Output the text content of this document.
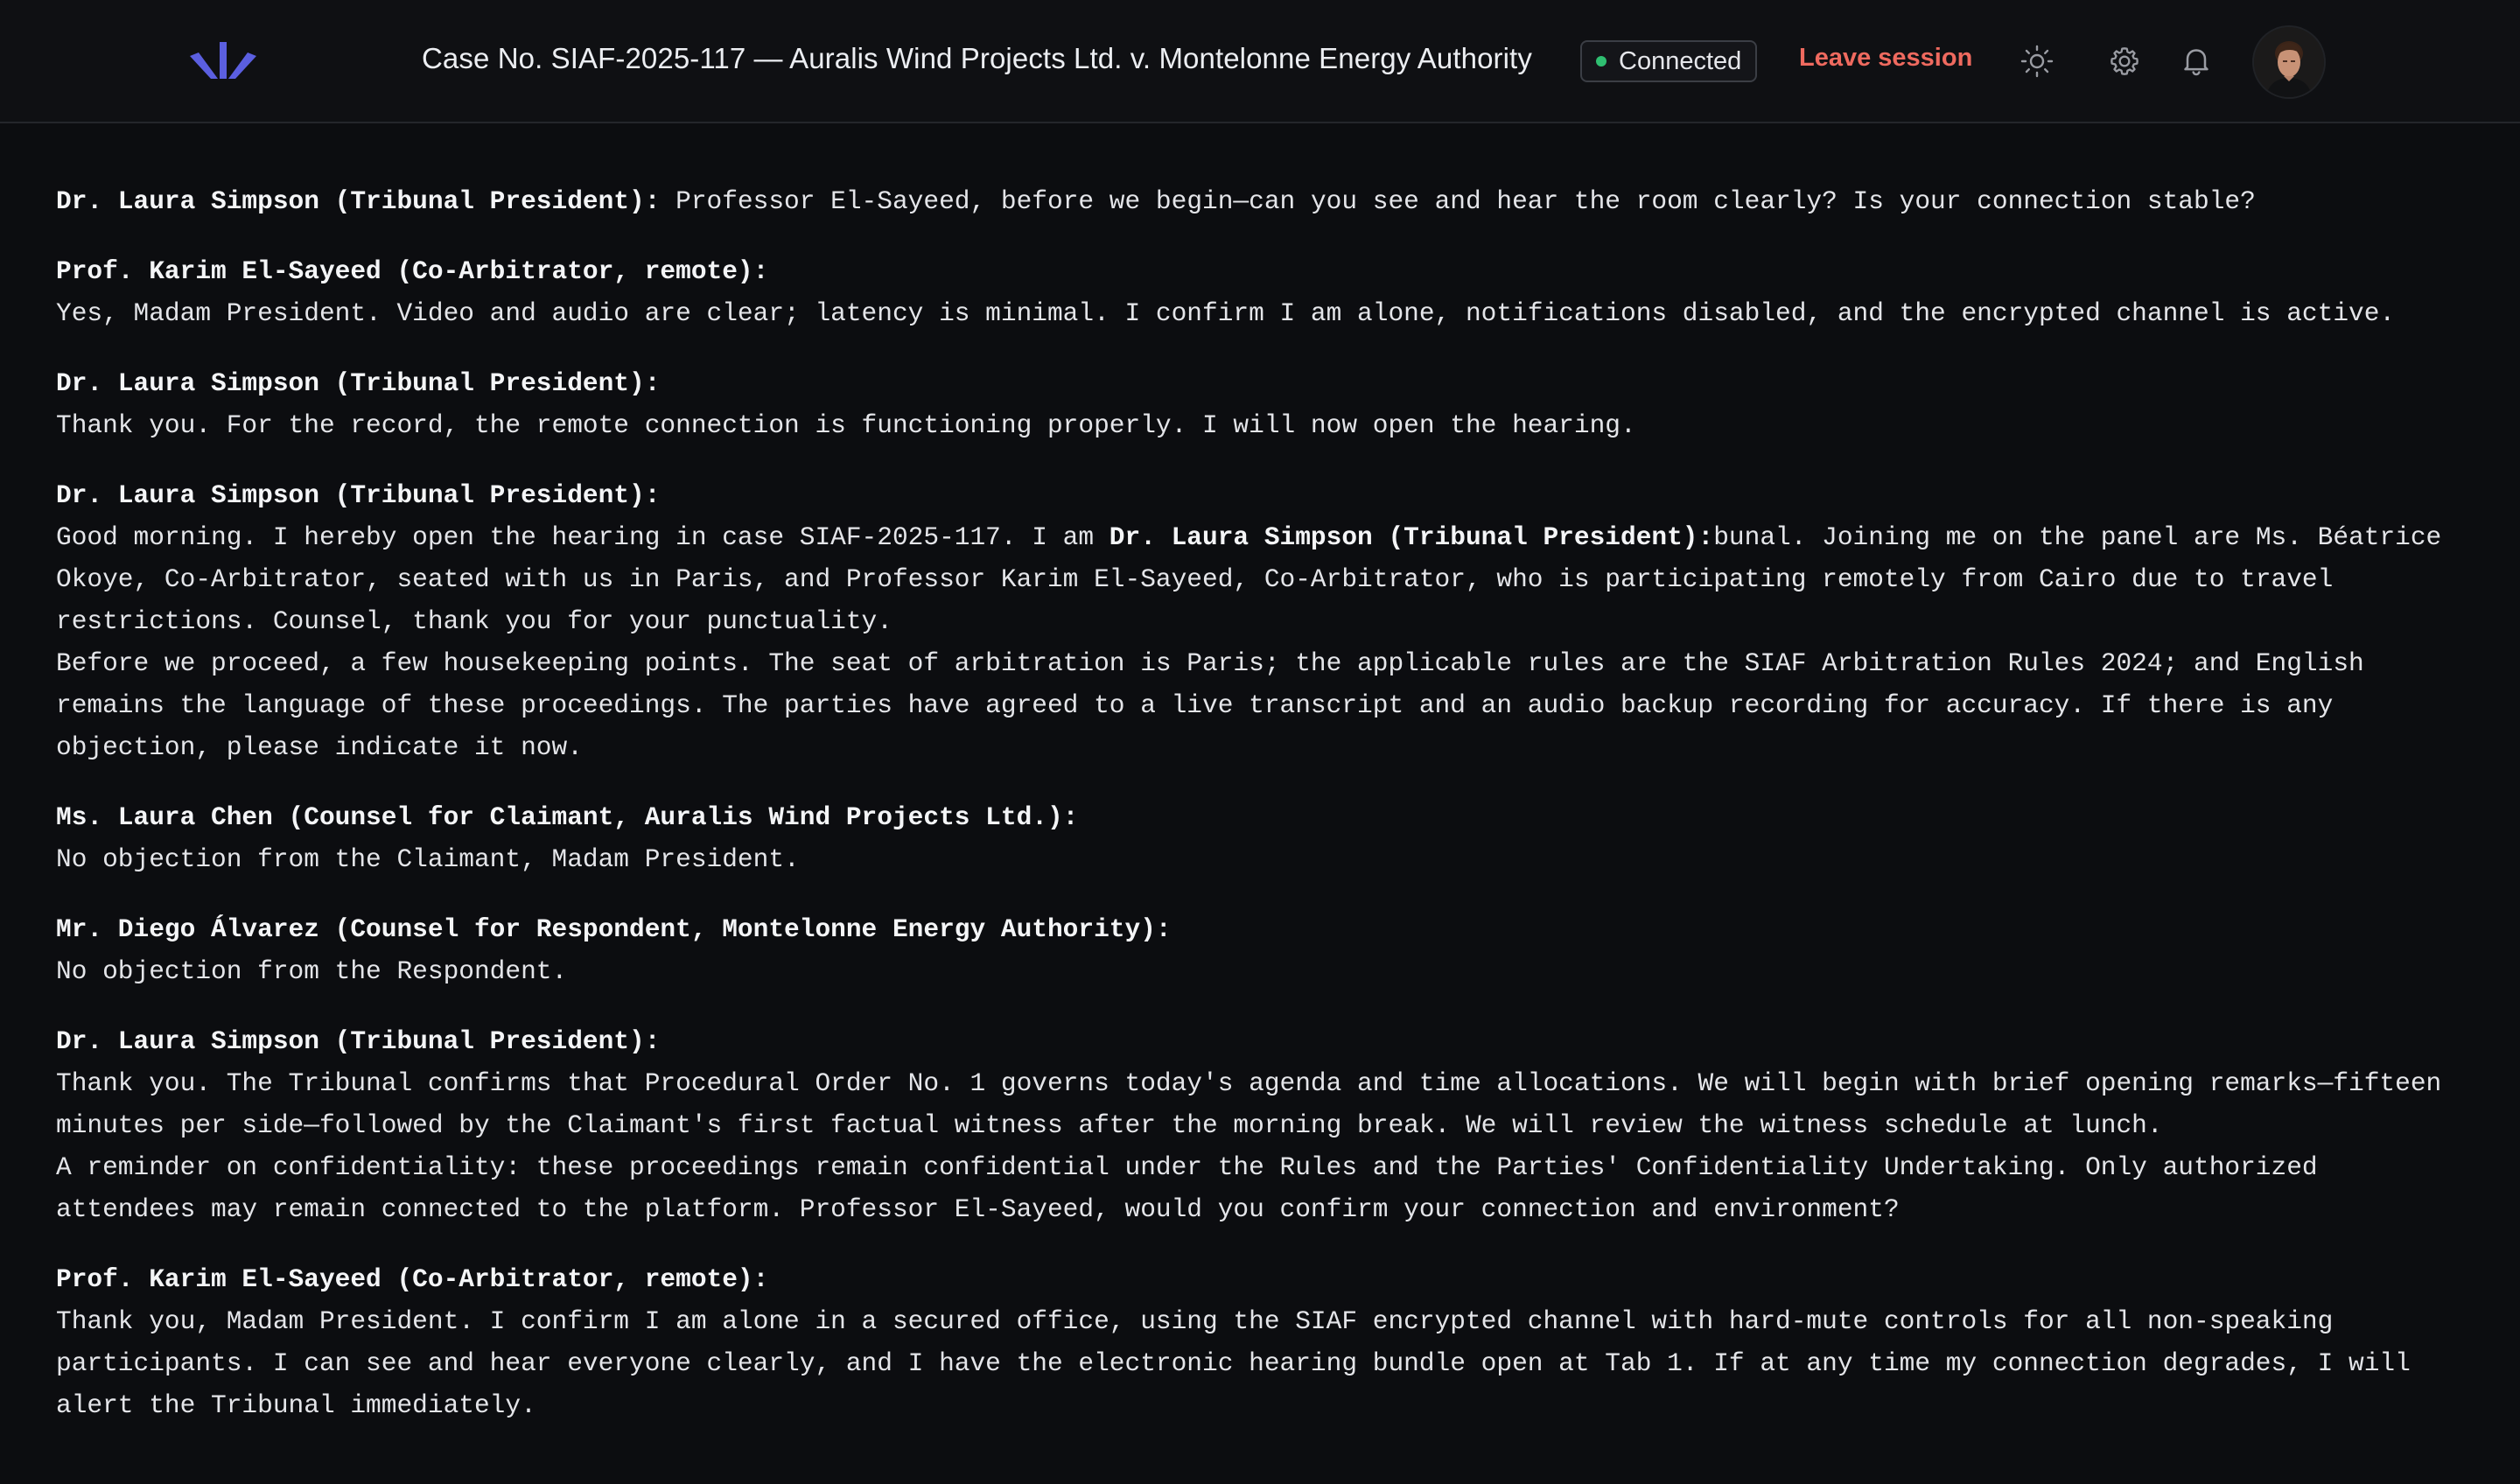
Case No. SIAF-2025-117 — Auralis Wind Projects Ltd. v. Montelonne Energy Authority	Connected	Leave session

Dr. Laura Simpson (Tribunal President): Professor El-Sayeed, before we begin—can you see and hear the room clearly? Is your connection stable?

Prof. Karim El-Sayeed (Co-Arbitrator, remote):

Yes, Madam President. Video and audio are clear; latency is minimal. I confirm I am alone, notifications disabled, and the encrypted channel is active.

Dr. Laura Simpson (Tribunal President):

Thank you. For the record, the remote connection is functioning properly. I will now open the hearing.

Dr. Laura Simpson (Tribunal President):

Good morning. I hereby open the hearing in case SIAF-2025-117. I am Dr. Laura Simpson (Tribunal President):bunal. Joining me on the panel are Ms. Béatrice Okoye, Co-Arbitrator, seated with us in Paris, and Professor Karim El-Sayeed, Co-Arbitrator, who is participating remotely from Cairo due to travel restrictions. Counsel, thank you for your punctuality.

Before we proceed, a few housekeeping points. The seat of arbitration is Paris; the applicable rules are the SIAF Arbitration Rules 2024; and English remains the language of these proceedings. The parties have agreed to a live transcript and an audio backup recording for accuracy. If there is any objection, please indicate it now.

Ms. Laura Chen (Counsel for Claimant, Auralis Wind Projects Ltd.):

No objection from the Claimant, Madam President.

Mr. Diego Álvarez (Counsel for Respondent, Montelonne Energy Authority):

No objection from the Respondent.

Dr. Laura Simpson (Tribunal President):

Thank you. The Tribunal confirms that Procedural Order No. 1 governs today's agenda and time allocations. We will begin with brief opening remarks—fifteen minutes per side—followed by the Claimant's first factual witness after the morning break. We will review the witness schedule at lunch.

A reminder on confidentiality: these proceedings remain confidential under the Rules and the Parties' Confidentiality Undertaking. Only authorized attendees may remain connected to the platform. Professor El-Sayeed, would you confirm your connection and environment?

Prof. Karim El-Sayeed (Co-Arbitrator, remote):

Thank you, Madam President. I confirm I am alone in a secured office, using the SIAF encrypted channel with hard-mute controls for all non-speaking participants. I can see and hear everyone clearly, and I have the electronic hearing bundle open at Tab 1. If at any time my connection degrades, I will alert the Tribunal immediately.
